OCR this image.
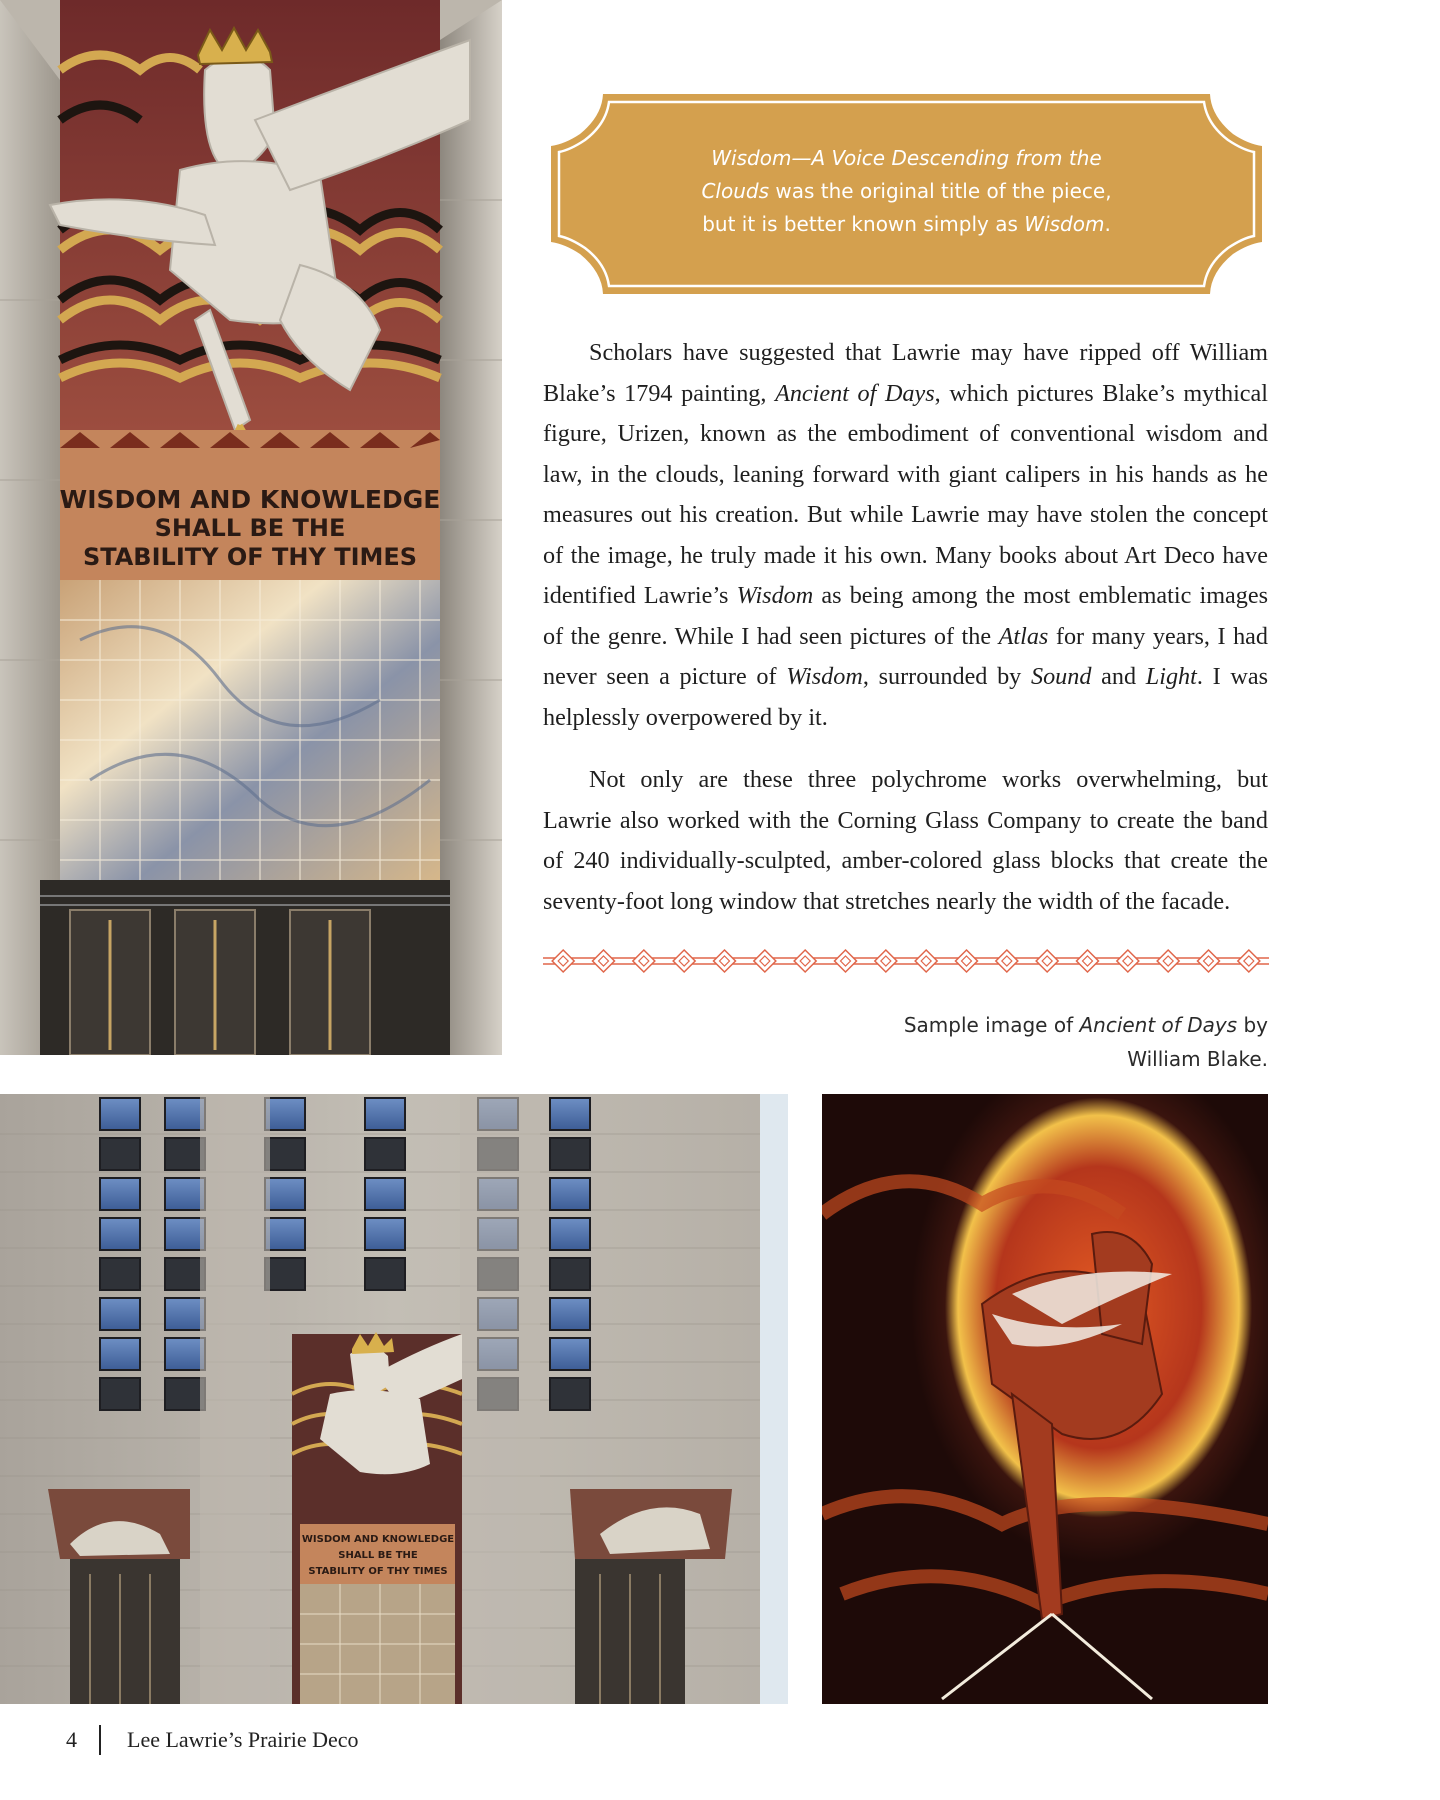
WISDOM AND KNOWLEDGE
SHALL BE THE
STABILITY OF THY TIMES
Wisdom—A Voice Descending from the
Clouds was the original title of the piece,
but it is better known simply as Wisdom.

Scholars have suggested that Lawrie may have ripped off William Blake’s 1794 painting, Ancient of Days, which pictures Blake’s mythical figure, Urizen, known as the embodiment of conventional wisdom and law, in the clouds, leaning forward with giant calipers in his hands as he measures out his creation. But while Lawrie may have stolen the concept of the image, he truly made it his own. Many books about Art Deco have identified Lawrie’s Wisdom as being among the most emblematic images of the genre. While I had seen pictures of the Atlas for many years, I had never seen a picture of Wisdom, surrounded by Sound and Light. I was helplessly overpowered by it.

Not only are these three polychrome works overwhelming, but Lawrie also worked with the Corning Glass Company to create the band of 240 individually-sculpted, amber-colored glass blocks that create the seventy-foot long window that stretches nearly the width of the facade.

Sample image of Ancient of Days by William Blake.
WISDOM AND KNOWLEDGE
SHALL BE THE
STABILITY OF THY TIMES
4 Lee Lawrie’s Prairie Deco
